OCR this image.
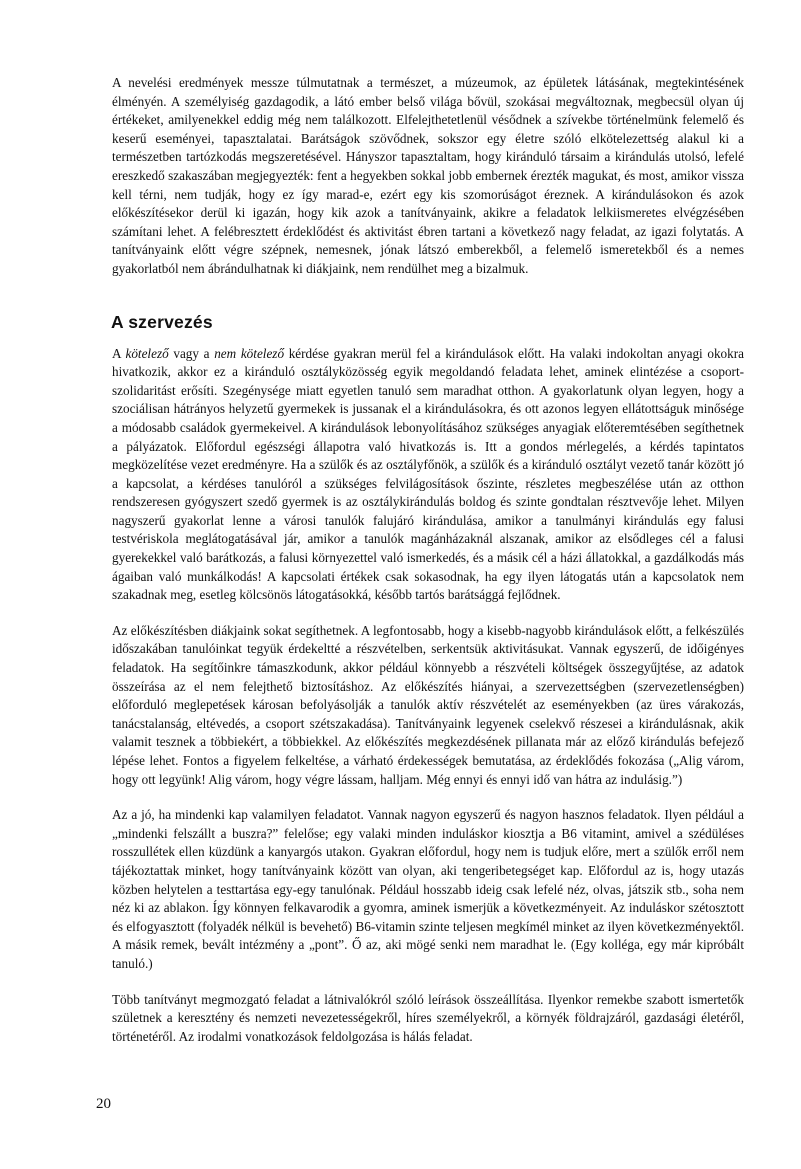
A nevelési eredmények messze túlmutatnak a természet, a múzeumok, az épületek látásának, megtekintésének élményén. A személyiség gazdagodik, a látó ember belső világa bővül, szokásai megváltoznak, megbecsül olyan új értékeket, amilyenekkel eddig még nem találkozott. Elfelejthetetlenül vésődnek a szívekbe történelmünk felemelő és keserű eseményei, tapasztalatai. Barátságok szövődnek, sokszor egy életre szóló elkötelezettség alakul ki a természetben tartózkodás megszeretésével. Hányszor tapasztaltam, hogy kiránduló társaim a kirándulás utolsó, lefelé ereszkedő szakaszában megjegyezték: fent a hegyekben sokkal jobb embernek érezték magukat, és most, amikor vissza kell térni, nem tudják, hogy ez így marad-e, ezért egy kis szomorúságot éreznek. A kirándulásokon és azok előkészítésekor derül ki igazán, hogy kik azok a tanítványaink, akikre a feladatok lelkiismeretes elvégzésében számítani lehet. A felébresztett érdeklődést és aktivitást ébren tartani a következő nagy feladat, az igazi folytatás. A tanítványaink előtt végre szépnek, nemesnek, jónak látszó emberekből, a felemelő ismeretekből és a nemes gyakorlatból nem ábrándulhatnak ki diákjaink, nem rendülhet meg a bizalmuk.

A szervezés

A kötelező vagy a nem kötelező kérdése gyakran merül fel a kirándulások előtt. Ha valaki indokoltan anyagi okokra hivatkozik, akkor ez a kiránduló osztályközösség egyik megoldandó feladata lehet, aminek elintézése a csoport-szolidaritást erősíti. Szegénysége miatt egyetlen tanuló sem maradhat otthon. A gyakorlatunk olyan legyen, hogy a szociálisan hátrányos helyzetű gyermekek is jussanak el a kirándulásokra, és ott azonos legyen ellátottságuk minősége a módosabb családok gyermekeivel. A kirándulások lebonyolításához szükséges anyagiak előteremtésében segíthetnek a pályázatok. Előfordul egészségi állapotra való hivatkozás is. Itt a gondos mérlegelés, a kérdés tapintatos megközelítése vezet eredményre. Ha a szülők és az osztályfőnök, a szülők és a kiránduló osztályt vezető tanár között jó a kapcsolat, a kérdéses tanulóról a szükséges felvilágosítások őszinte, részletes megbeszélése után az otthon rendszeresen gyógyszert szedő gyermek is az osztálykirándulás boldog és szinte gondtalan résztvevője lehet. Milyen nagyszerű gyakorlat lenne a városi tanulók falujáró kirándulása, amikor a tanulmányi kirándulás egy falusi testvériskola meglátogatásával jár, amikor a tanulók magánházaknál alszanak, amikor az elsődleges cél a falusi gyerekekkel való barátkozás, a falusi környezettel való ismerkedés, és a másik cél a házi állatokkal, a gazdálkodás más ágaiban való munkálkodás! A kapcsolati értékek csak sokasodnak, ha egy ilyen látogatás után a kapcsolatok nem szakadnak meg, esetleg kölcsönös látogatásokká, később tartós barátsággá fejlődnek.

Az előkészítésben diákjaink sokat segíthetnek. A legfontosabb, hogy a kisebb-nagyobb kirándulások előtt, a felkészülés időszakában tanulóinkat tegyük érdekeltté a részvételben, serkentsük aktivitásukat. Vannak egyszerű, de időigényes feladatok. Ha segítőinkre támaszkodunk, akkor például könnyebb a részvételi költségek összegyűjtése, az adatok összeírása az el nem felejthető biztosításhoz. Az előkészítés hiányai, a szervezettségben (szervezetlenségben) előforduló meglepetések károsan befolyásolják a tanulók aktív részvételét az eseményekben (az üres várakozás, tanácstalanság, eltévedés, a csoport szétszakadása). Tanítványaink legyenek cselekvő részesei a kirándulásnak, akik valamit tesznek a többiekért, a többiekkel. Az előkészítés megkezdésének pillanata már az előző kirándulás befejező lépése lehet. Fontos a figyelem felkeltése, a várható érdekességek bemutatása, az érdeklődés fokozása („Alig várom, hogy ott legyünk! Alig várom, hogy végre lássam, halljam. Még ennyi és ennyi idő van hátra az indulásig.”)

Az a jó, ha mindenki kap valamilyen feladatot. Vannak nagyon egyszerű és nagyon hasznos feladatok. Ilyen például a „mindenki felszállt a buszra?” felelőse; egy valaki minden induláskor kiosztja a B6 vitamint, amivel a szédüléses rosszullétek ellen küzdünk a kanyargós utakon. Gyakran előfordul, hogy nem is tudjuk előre, mert a szülők erről nem tájékoztattak minket, hogy tanítványaink között van olyan, aki tengeribetegséget kap. Előfordul az is, hogy utazás közben helytelen a testtartása egy-egy tanulónak. Például hosszabb ideig csak lefelé néz, olvas, játszik stb., soha nem néz ki az ablakon. Így könnyen felkavarodik a gyomra, aminek ismerjük a következményeit. Az induláskor szétosztott és elfogyasztott (folyadék nélkül is bevehető) B6-vitamin szinte teljesen megkímél minket az ilyen következményektől. A másik remek, bevált intézmény a „pont”. Ő az, aki mögé senki nem maradhat le. (Egy kolléga, egy már kipróbált tanuló.)

Több tanítványt megmozgató feladat a látnivalókról szóló leírások összeállítása. Ilyenkor remekbe szabott ismertetők születnek a keresztény és nemzeti nevezetességekről, híres személyekről, a környék földrajzáról, gazdasági életéről, történetéről. Az irodalmi vonatkozások feldolgozása is hálás feladat.

20
